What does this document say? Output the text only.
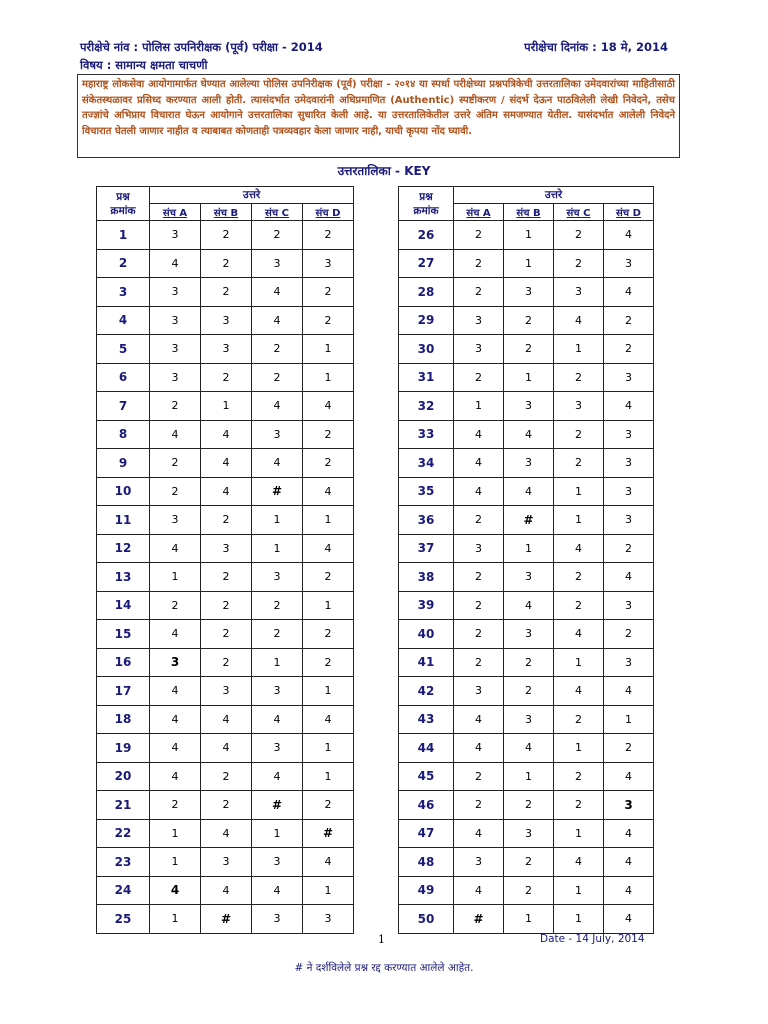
परीक्षेचे नांव : पोलिस उपनिरीक्षक (पूर्व) परीक्षा - 2014	परीक्षेचा दिनांक : 18 मे, 2014
विषय : सामान्य क्षमता चाचणी
महाराष्ट्र लोकसेवा आयोगामार्फत घेण्यात आलेल्या पोलिस उपनिरीक्षक (पूर्व) परीक्षा - २०१४ या स्पर्धा परीक्षेच्या प्रश्नपत्रिकेची उत्तरतालिका उमेदवारांच्या माहितीसाठी संकेतस्थळावर प्रसिध्द करण्यात आली होती. त्यासंदर्भात उमेदवारांनी अधिप्रमाणित (Authentic) स्पष्टीकरण / संदर्भ देऊन पाठविलेली लेखी निवेदने, तसेच तज्ज्ञांचे अभिप्राय विचारात घेऊन आयोगाने उत्तरतालिका सुधारित केली आहे. या उत्तरतालिकेतील उत्तरे अंतिम समजण्यात येतील. यासंदर्भात आलेली निवेदने विचारात घेतली जाणार नाहीत व त्याबाबत कोणताही पत्रव्यवहार केला जाणार नाही, याची कृपया नोंद घ्यावी.
उत्तरतालिका - KEY
प्रश्न
क्रमांक	उत्तरे			
	संच A	संच B	संच C	संच D
1	3	2	2	2
2	4	2	3	3
3	3	2	4	2
4	3	3	4	2
5	3	3	2	1
6	3	2	2	1
7	2	1	4	4
8	4	4	3	2
9	2	4	4	2
10	2	4	#	4
11	3	2	1	1
12	4	3	1	4
13	1	2	3	2
14	2	2	2	1
15	4	2	2	2
16	3	2	1	2
17	4	3	3	1
18	4	4	4	4
19	4	4	3	1
20	4	2	4	1
21	2	2	#	2
22	1	4	1	#
23	1	3	3	4
24	4	4	4	1
25	1	#	3	3
प्रश्न
क्रमांक	उत्तरे			
	संच A	संच B	संच C	संच D
26	2	1	2	4
27	2	1	2	3
28	2	3	3	4
29	3	2	4	2
30	3	2	1	2
31	2	1	2	3
32	1	3	3	4
33	4	4	2	3
34	4	3	2	3
35	4	4	1	3
36	2	#	1	3
37	3	1	4	2
38	2	3	2	4
39	2	4	2	3
40	2	3	4	2
41	2	2	1	3
42	3	2	4	4
43	4	3	2	1
44	4	4	1	2
45	2	1	2	4
46	2	2	2	3
47	4	3	1	4
48	3	2	4	4
49	4	2	1	4
50	#	1	1	4
1	Date - 14 July, 2014
# ने दर्शविलेले प्रश्न रद्द करण्यात आलेले आहेत.
